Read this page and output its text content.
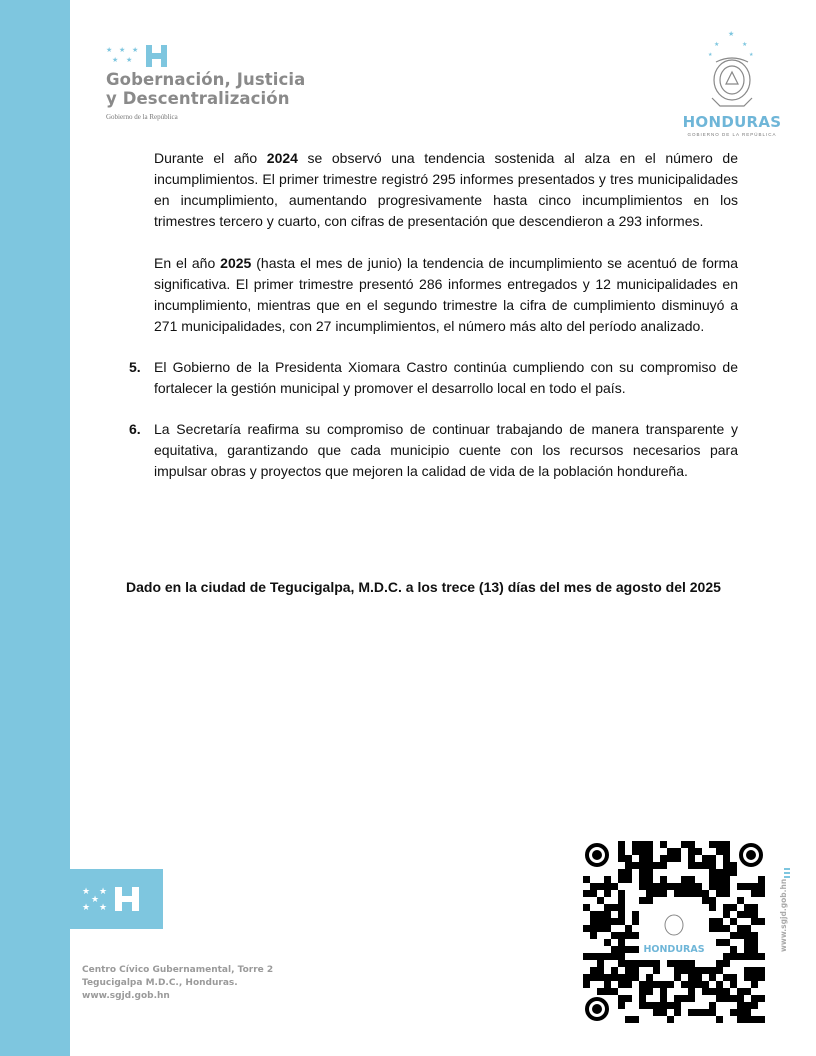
★ ★
★ ★
★
★ ★ ★
★ ★
Gobernación, Justicia
y Descentralización
Gobierno de la República
★
★	★
★	★
HONDURAS
GOBIERNO DE LA REPÚBLICA

Durante el año 2024 se observó una tendencia sostenida al alza en el número de incumplimientos. El primer trimestre registró 295 informes presentados y tres municipalidades en incumplimiento, aumentando progresivamente hasta cinco incumplimientos en los trimestres tercero y cuarto, con cifras de presentación que descendieron a 293 informes.

En el año 2025 (hasta el mes de junio) la tendencia de incumplimiento se acentuó de forma significativa. El primer trimestre presentó 286 informes entregados y 12 municipalidades en incumplimiento, mientras que en el segundo trimestre la cifra de cumplimiento disminuyó a 271 municipalidades, con 27 incumplimientos, el número más alto del período analizado.

5. El Gobierno de la Presidenta Xiomara Castro continúa cumpliendo con su compromiso de fortalecer la gestión municipal y promover el desarrollo local en todo el país.

6. La Secretaría reafirma su compromiso de continuar trabajando de manera transparente y equitativa, garantizando que cada municipio cuente con los recursos necesarios para impulsar obras y proyectos que mejoren la calidad de vida de la población hondureña.

Dado en la ciudad de Tegucigalpa, M.D.C. a los trece (13) días del mes de agosto del 2025
Centro Cívico Gubernamental, Torre 2
Tegucigalpa M.D.C., Honduras.
www.sgjd.gob.hn
HONDURAS	www.sgjd.gob.hn
